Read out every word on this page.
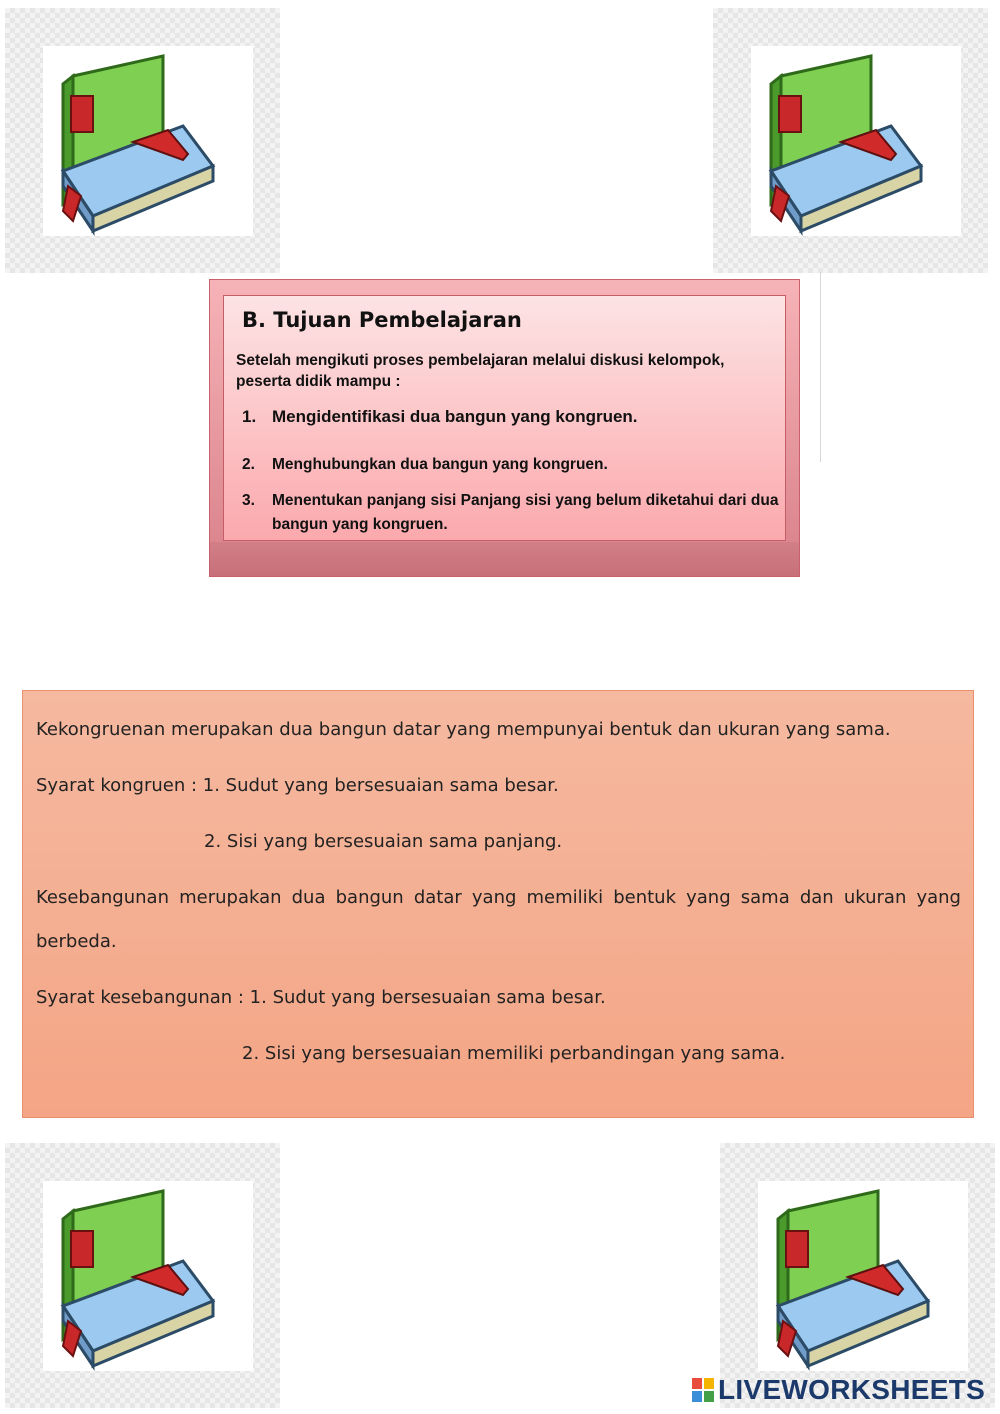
B. Tujuan Pembelajaran
Setelah mengikuti proses pembelajaran melalui diskusi kelompok, peserta didik mampu :
1. Mengidentifikasi dua bangun yang kongruen.
2.	Menghubungkan dua bangun yang kongruen.
3.	Menentukan panjang sisi Panjang sisi yang belum diketahui dari dua bangun yang kongruen.
Kekongruenan merupakan dua bangun datar yang mempunyai bentuk dan ukuran yang sama.
Syarat kongruen : 1. Sudut yang bersesuaian sama besar.
2. Sisi yang bersesuaian sama panjang.
Kesebangunan merupakan dua bangun datar yang memiliki bentuk yang sama dan ukuran yang berbeda.
Syarat kesebangunan : 1. Sudut yang bersesuaian sama besar.
2. Sisi yang bersesuaian memiliki perbandingan yang sama.
LIVEWORKSHEETS
